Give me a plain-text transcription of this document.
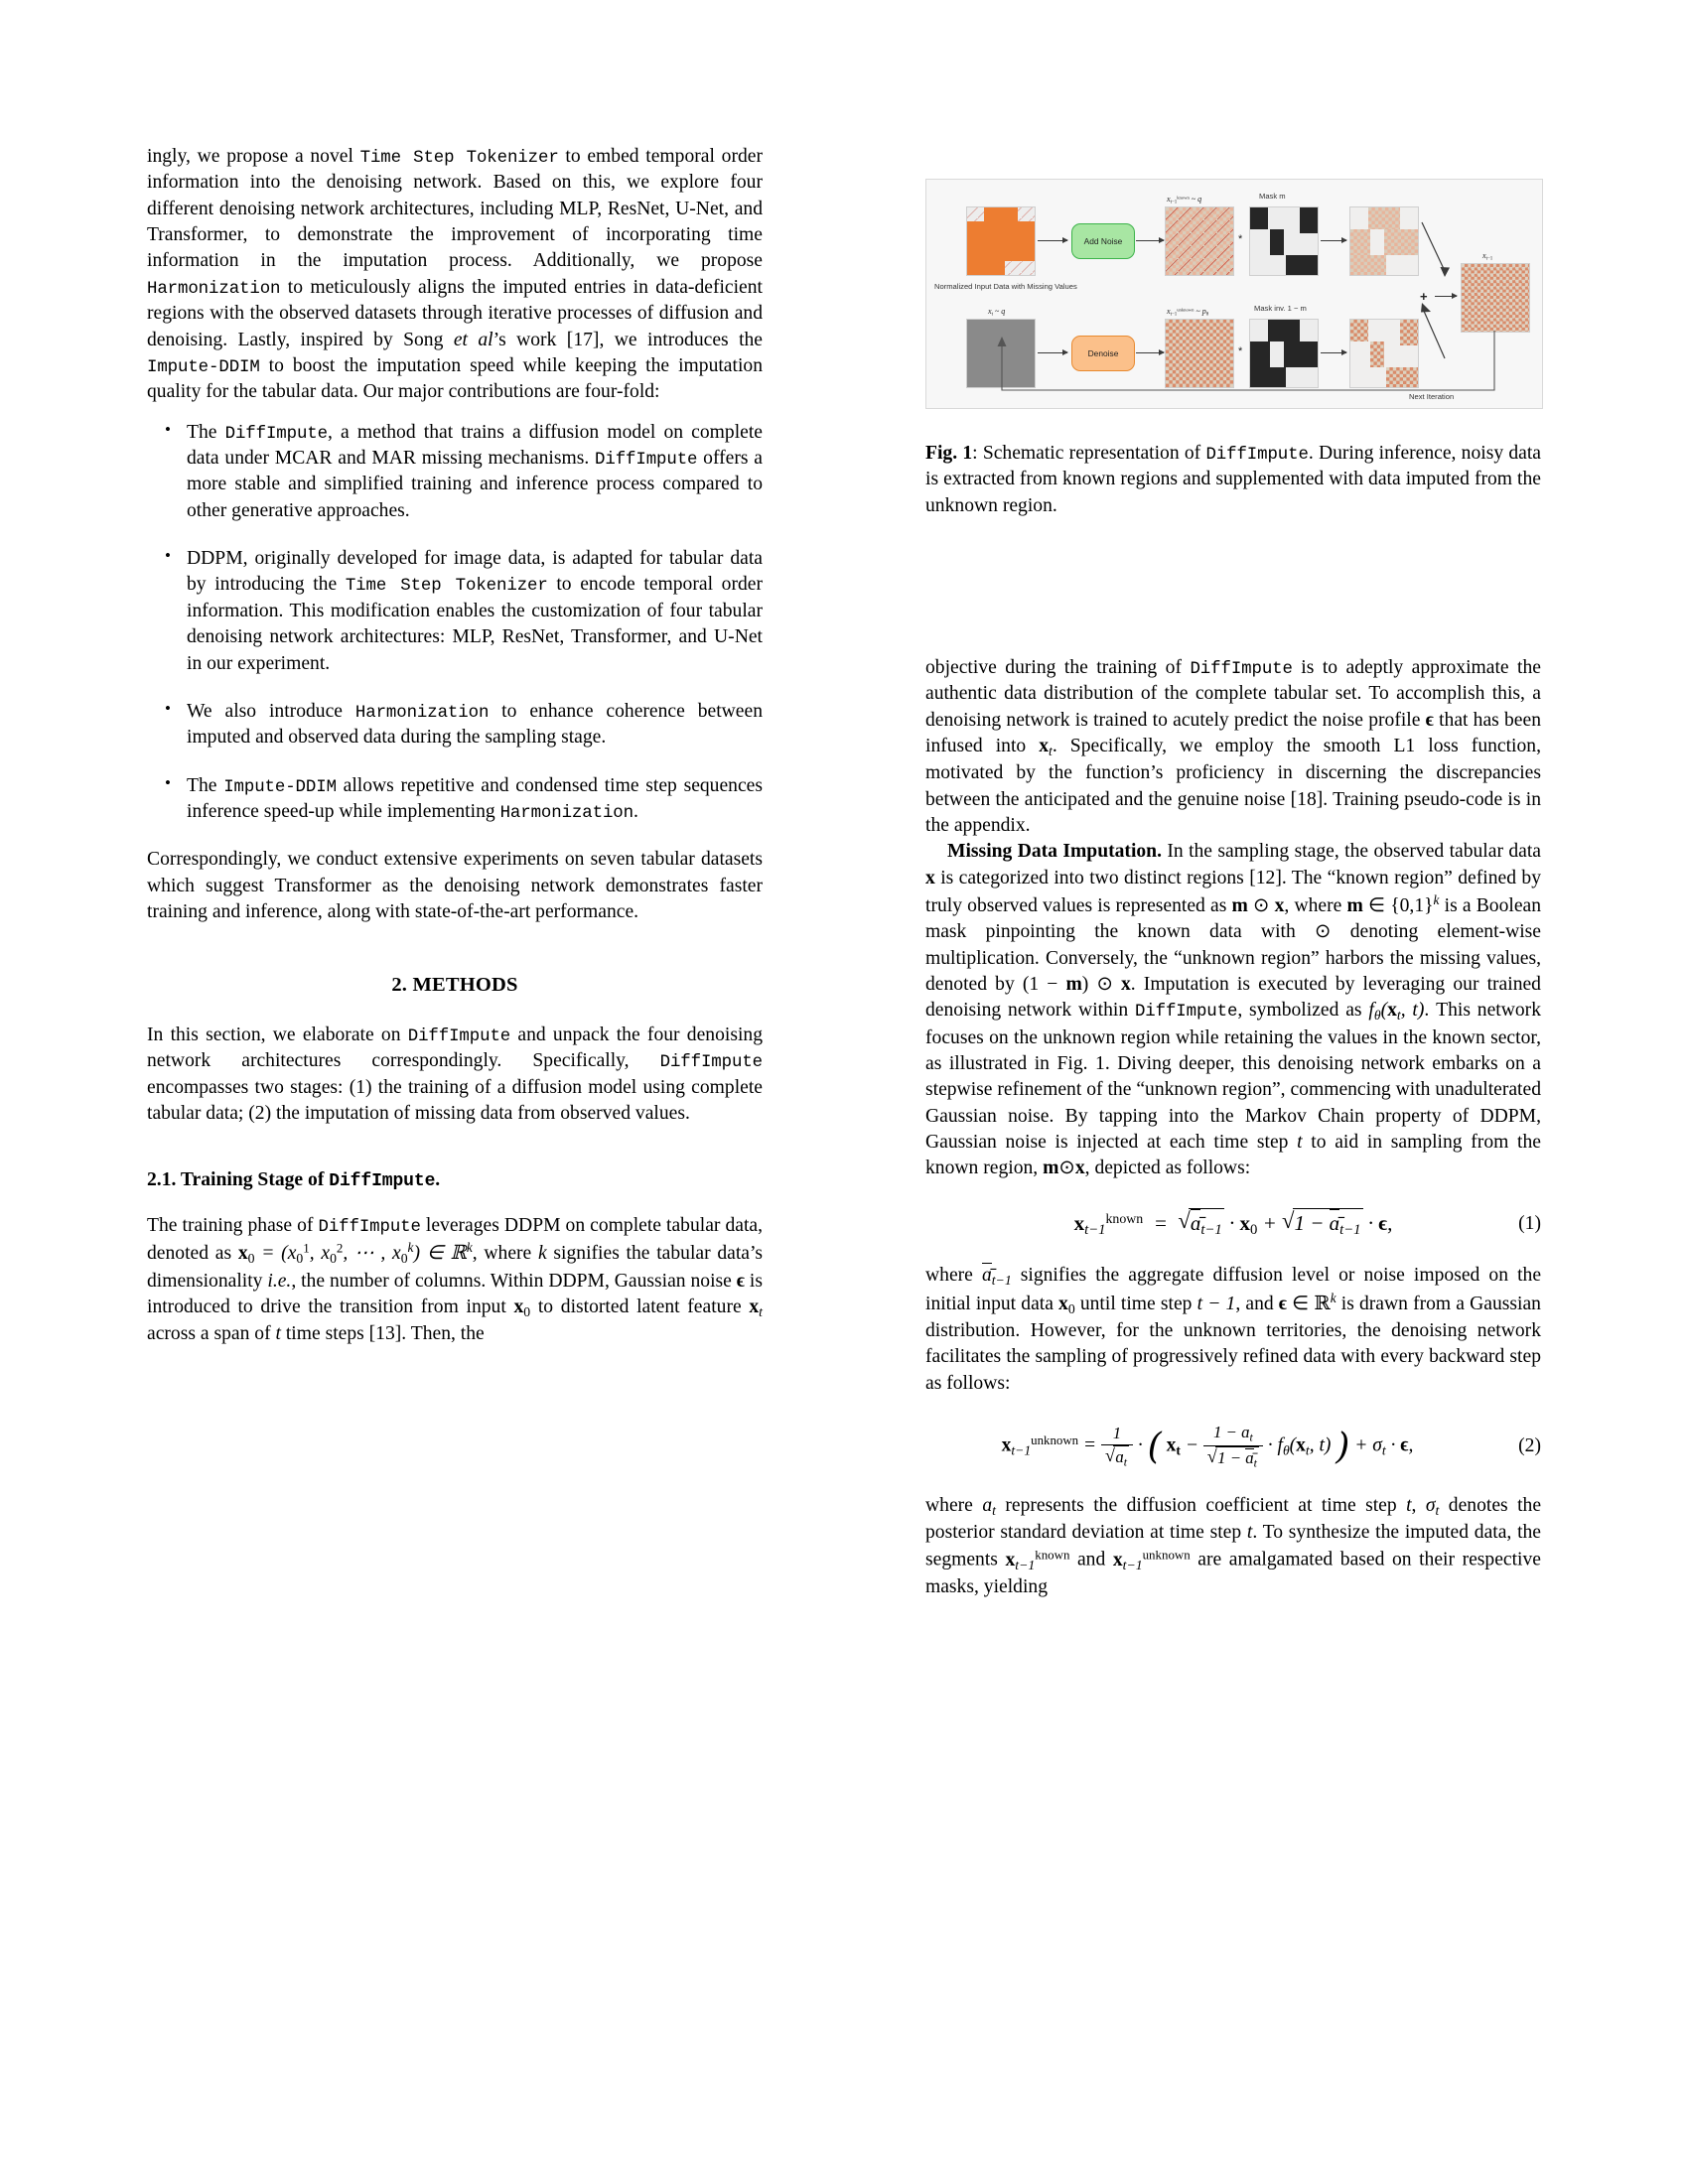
ingly, we propose a novel Time Step Tokenizer to embed temporal order information into the denoising network. Based on this, we explore four different denoising network architectures, including MLP, ResNet, U-Net, and Transformer, to demonstrate the improvement of incorporating time information in the imputation process. Additionally, we propose Harmonization to meticulously aligns the imputed entries in data-deficient regions with the observed datasets through iterative processes of diffusion and denoising. Lastly, inspired by Song et al’s work [17], we introduces the Impute-DDIM to boost the imputation speed while keeping the imputation quality for the tabular data. Our major contributions are four-fold:

• The DiffImpute, a method that trains a diffusion model on complete data under MCAR and MAR missing mechanisms. DiffImpute offers a more stable and simplified training and inference process compared to other generative approaches.
• DDPM, originally developed for image data, is adapted for tabular data by introducing the Time Step Tokenizer to encode temporal order information. This modification enables the customization of four tabular denoising network architectures: MLP, ResNet, Transformer, and U-Net in our experiment.
• We also introduce Harmonization to enhance coherence between imputed and observed data during the sampling stage.
• The Impute-DDIM allows repetitive and condensed time step sequences inference speed-up while implementing Harmonization.

Correspondingly, we conduct extensive experiments on seven tabular datasets which suggest Transformer as the denoising network demonstrates faster training and inference, along with state-of-the-art performance.

2. METHODS

In this section, we elaborate on DiffImpute and unpack the four denoising network architectures correspondingly. Specifically, DiffImpute encompasses two stages: (1) the training of a diffusion model using complete tabular data; (2) the imputation of missing data from observed values.

2.1. Training Stage of DiffImpute.

The training phase of DiffImpute leverages DDPM on complete tabular data, denoted as $x0 = (x0^1$, $x0^2$, ⋯ , x0$^k$) ∈ ℝ$^k$, where k signifies the tabular data’s dimensionality i.e., the number of columns. Within DDPM, Gaussian noise ϵ is introduced to drive the transition from input x0 to distorted latent feature $x_t$ across a span of t time steps [13]. Then, the

Normalized Input Data with Missing Values
Add Noise
$xt-1^{known}$ ~ q
*
Mask m
xt ~ q
Denoise
$xt-1^{unknown}$ ~ pθ
*
Mask inv. 1 − m
+
xt−1
Next Iteration
Fig. 1: Schematic representation of DiffImpute. During inference, noisy data is extracted from known regions and supplemented with data imputed from the unknown region.

objective during the training of DiffImpute is to adeptly approximate the authentic data distribution of the complete tabular set. To accomplish this, a denoising network is trained to acutely predict the noise profile ϵ that has been infused into $x_t$. Specifically, we employ the smooth L1 loss function, motivated by the function’s proficiency in discerning the discrepancies between the anticipated and the genuine noise [18]. Training pseudo-code is in the appendix.

Missing Data Imputation. In the sampling stage, the observed tabular data x is categorized into two distinct regions [12]. The “known region” defined by truly observed values is represented as m ⊙ x, where m ∈ $\{0,1\}^k$ is a Boolean mask pinpointing the known data with ⊙ denoting element-wise multiplication. Conversely, the “unknown region” harbors the missing values, denoted by (1 − m) ⊙ x. Imputation is executed by leveraging our trained denoising network within DiffImpute, symbolized as $f_\theta(x_t$, t). This network focuses on the unknown region while retaining the values in the known sector, as illustrated in Fig. 1. Diving deeper, this denoising network embarks on a stepwise refinement of the “unknown region”, commencing with unadulterated Gaussian noise. By tapping into the Markov Chain property of DDPM, Gaussian noise is injected at each time step t to aid in sampling from the known region, m⊙x, depicted as follows:

$x_{t-1}^{known}$  =  √ $ɑ̄_{t-1} \cdot x0$ + √ $1 - ɑ̄_{t-1} \cdot \epsilon$,	(1)

where $ɑ̄_{t-1}$ signifies the aggregate diffusion level or noise imposed on the initial input data x0 until time step t − 1, and ϵ ∈ ℝ$^k$ is drawn from a Gaussian distribution. However, for the unknown territories, the denoising network facilitates the sampling of progressively refined data with every backward step as follows:

$x_{t-1}^{unknown} = 1$
√ ɑ$_t$ · ( xt − 1 − ɑ$_t$
√ $1 - ɑ̄_t \cdot f_\theta(x_t$, t) ) + $\sigma_t \cdot \epsilon$,	(2)

where ɑ$_t$ represents the diffusion coefficient at time step t, $\sigma_t$ denotes the posterior standard deviation at time step t. To synthesize the imputed data, the segments $x_{t-1}^{known}$ and $x_{t-1}^{unknown}$ are amalgamated based on their respective masks, yielding
